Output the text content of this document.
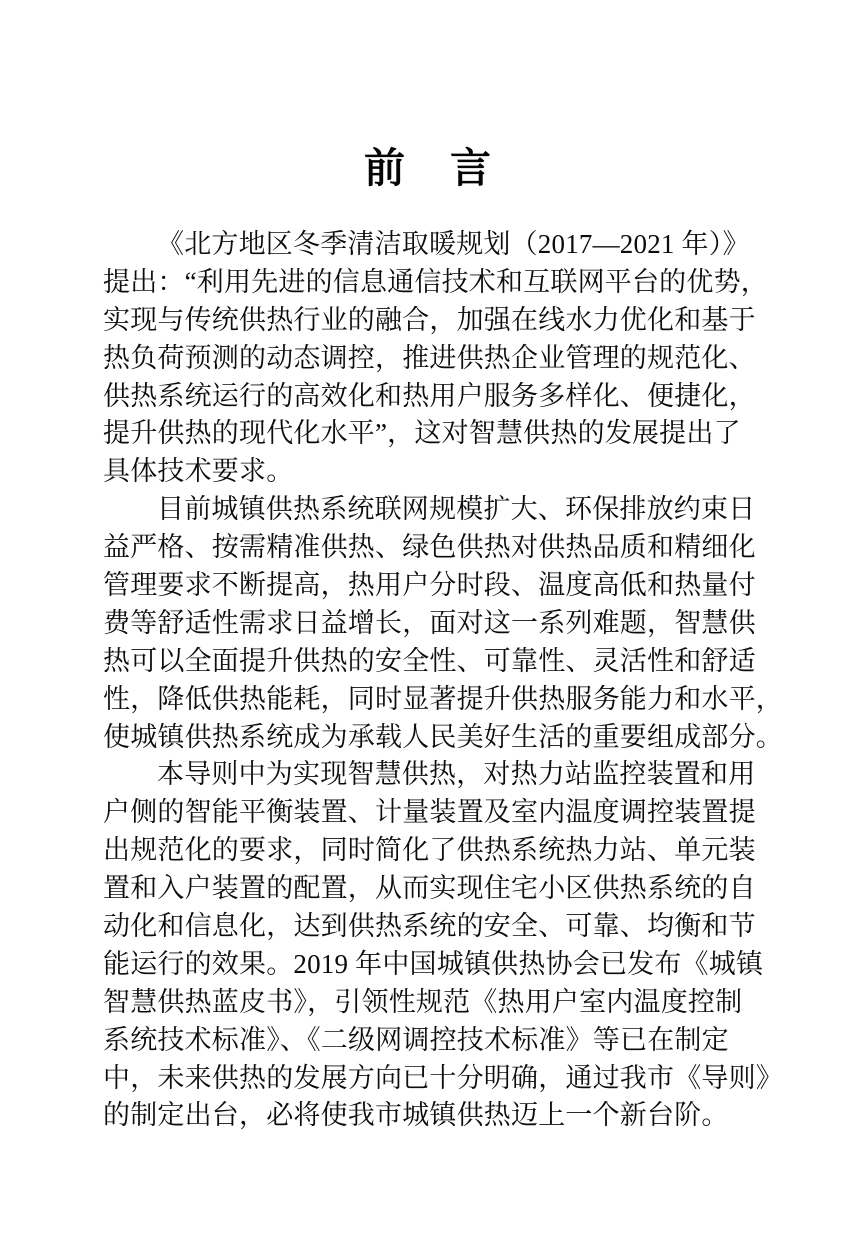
前　言

《北方地区冬季清洁取暖规划（2017—2021 年）》

提出：“利用先进的信息通信技术和互联网平台的优势，

实现与传统供热行业的融合，加强在线水力优化和基于

热负荷预测的动态调控，推进供热企业管理的规范化、

供热系统运行的高效化和热用户服务多样化、便捷化，

提升供热的现代化水平”，这对智慧供热的发展提出了

具体技术要求。

目前城镇供热系统联网规模扩大、环保排放约束日

益严格、按需精准供热、绿色供热对供热品质和精细化

管理要求不断提高，热用户分时段、温度高低和热量付

费等舒适性需求日益增长，面对这一系列难题，智慧供

热可以全面提升供热的安全性、可靠性、灵活性和舒适

性，降低供热能耗，同时显著提升供热服务能力和水平，

使城镇供热系统成为承载人民美好生活的重要组成部分。

本导则中为实现智慧供热，对热力站监控装置和用

户侧的智能平衡装置、计量装置及室内温度调控装置提

出规范化的要求，同时简化了供热系统热力站、单元装

置和入户装置的配置，从而实现住宅小区供热系统的自

动化和信息化，达到供热系统的安全、可靠、均衡和节

能运行的效果。2019 年中国城镇供热协会已发布《城镇

智慧供热蓝皮书》，引领性规范《热用户室内温度控制

系统技术标准》、《二级网调控技术标准》等已在制定

中，未来供热的发展方向已十分明确，通过我市《导则》

的制定出台，必将使我市城镇供热迈上一个新台阶。
